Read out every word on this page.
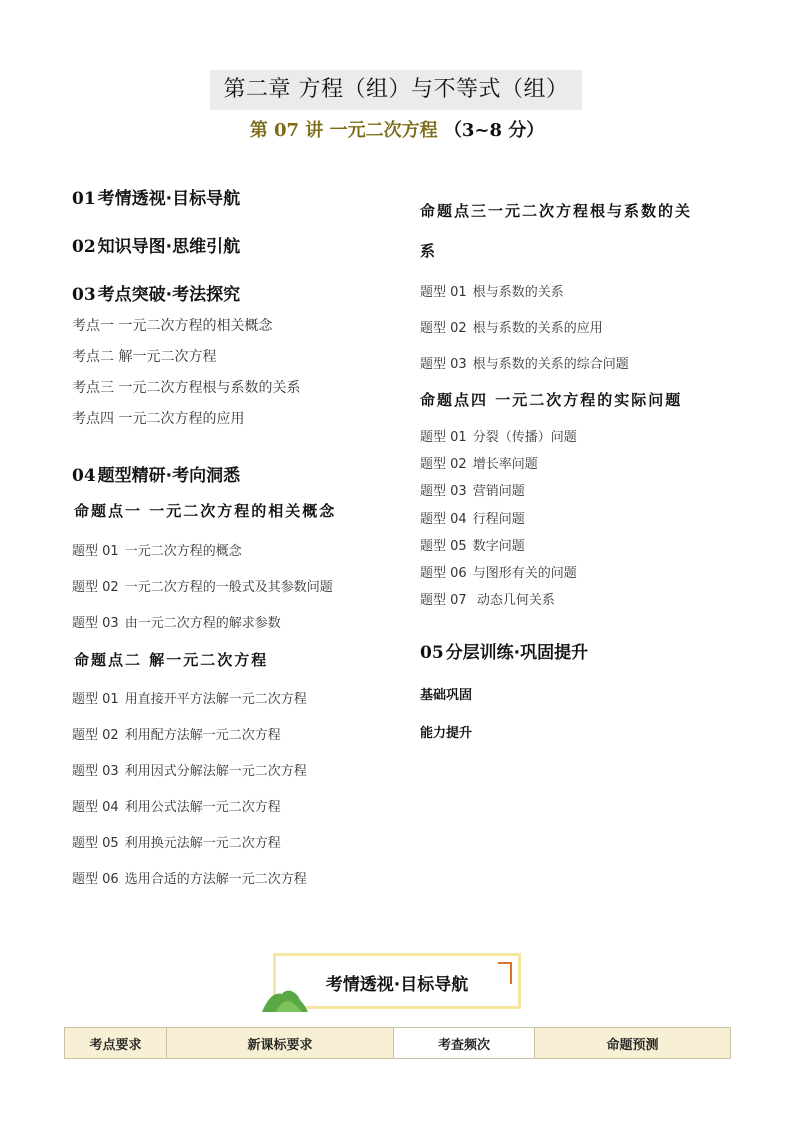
第二章 方程（组）与不等式（组）
第 07 讲 一元二次方程 （3~8 分）
01 考情透视·目标导航
02 知识导图·思维引航
03 考点突破·考法探究
考点一 一元二次方程的相关概念
考点二 解一元二次方程
考点三 一元二次方程根与系数的关系
考点四 一元二次方程的应用
04 题型精研·考向洞悉
命题点一 一元二次方程的相关概念
题型 01 一元二次方程的概念
题型 02 一元二次方程的一般式及其参数问题
题型 03 由一元二次方程的解求参数
命题点二 解一元二次方程
题型 01 用直接开平方法解一元二次方程
题型 02 利用配方法解一元二次方程
题型 03 利用因式分解法解一元二次方程
题型 04 利用公式法解一元二次方程
题型 05 利用换元法解一元二次方程
题型 06 选用合适的方法解一元二次方程
命题点三一元二次方程根与系数的关
系
题型 01 根与系数的关系
题型 02 根与系数的关系的应用
题型 03 根与系数的关系的综合问题
命题点四 一元二次方程的实际问题
题型 01 分裂（传播）问题
题型 02 增长率问题
题型 03 营销问题
题型 04 行程问题
题型 05 数字问题
题型 06 与图形有关的问题
题型 07 动态几何关系
05 分层训练·巩固提升
基础巩固
能力提升
考情透视·目标导航
考点要求	新课标要求	考查频次	命题预测
